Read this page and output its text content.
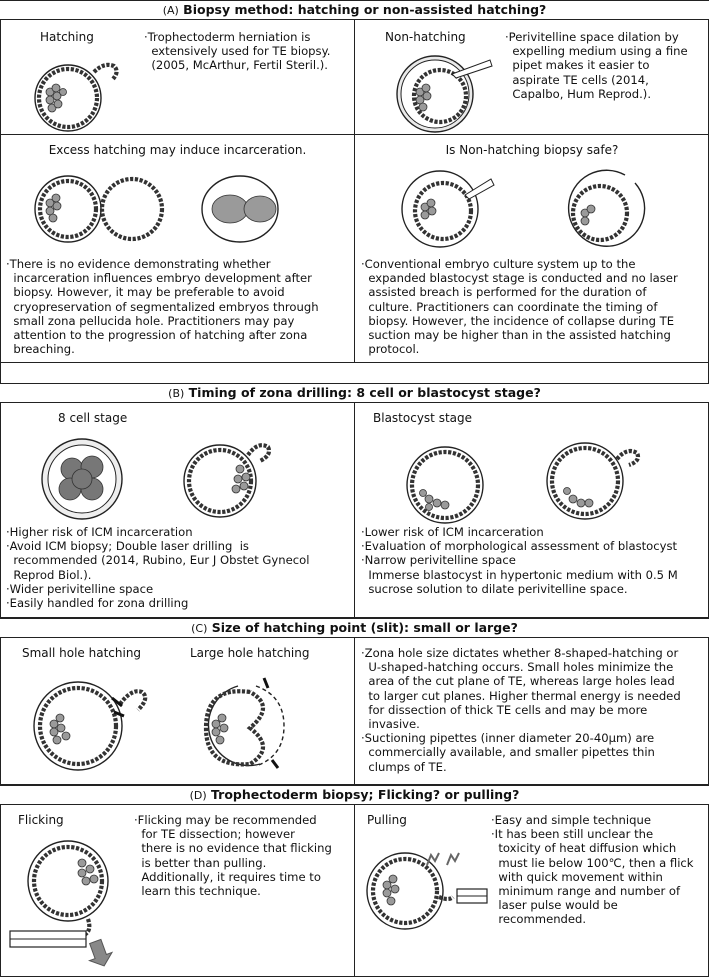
(A) Biopsy method: hatching or non-assisted hatching?
Hatching	·Trophectoderm herniation is
extensively used for TE biopsy.
(2005, McArthur, Fertil Steril.).
Non-hatching	·Perivitelline space dilation by
expelling medium using a fine
pipet makes it easier to
aspirate TE cells (2014,
Capalbo, Hum Reprod.).
Excess hatching may induce incarceration.
·There is no evidence demonstrating whether
incarceration influences embryo development after
biopsy. However, it may be preferable to avoid
cryopreservation of segmentalized embryos through
small zona pellucida hole. Practitioners may pay
attention to the progression of hatching after zona
breaching.
Is Non-hatching biopsy safe?
·Conventional embryo culture system up to the
expanded blastocyst stage is conducted and no laser
assisted breach is performed for the duration of
culture. Practitioners can coordinate the timing of
biopsy. However, the incidence of collapse during TE
suction may be higher than in the assisted hatching
protocol.
(B) Timing of zona drilling: 8 cell or blastocyst stage?
8 cell stage
·Higher risk of ICM incarceration
·Avoid ICM biopsy; Double laser drilling  is
recommended (2014, Rubino, Eur J Obstet Gynecol
Reprod Biol.).
·Wider perivitelline space
·Easily handled for zona drilling
Blastocyst stage
·Lower risk of ICM incarceration
·Evaluation of morphological assessment of blastocyst
·Narrow perivitelline space
Immerse blastocyst in hypertonic medium with 0.5 M
sucrose solution to dilate perivitelline space.
(C) Size of hatching point (slit): small or large?
Small hole hatching	Large hole hatching	·Zona hole size dictates whether 8-shaped-hatching or
U-shaped-hatching occurs. Small holes minimize the
area of the cut plane of TE, whereas large holes lead
to larger cut planes. Higher thermal energy is needed
for dissection of thick TE cells and may be more
invasive.
·Suctioning pipettes (inner diameter 20-40μm) are
commercially available, and smaller pipettes thin
clumps of TE.
(D) Trophectoderm biopsy; Flicking? or pulling?
Flicking	·Flicking may be recommended
for TE dissection; however
there is no evidence that flicking
is better than pulling.
Additionally, it requires time to
learn this technique.
Pulling	·Easy and simple technique
·It has been still unclear the
toxicity of heat diffusion which
must lie below 100℃, then a flick
with quick movement within
minimum range and number of
laser pulse would be
recommended.
